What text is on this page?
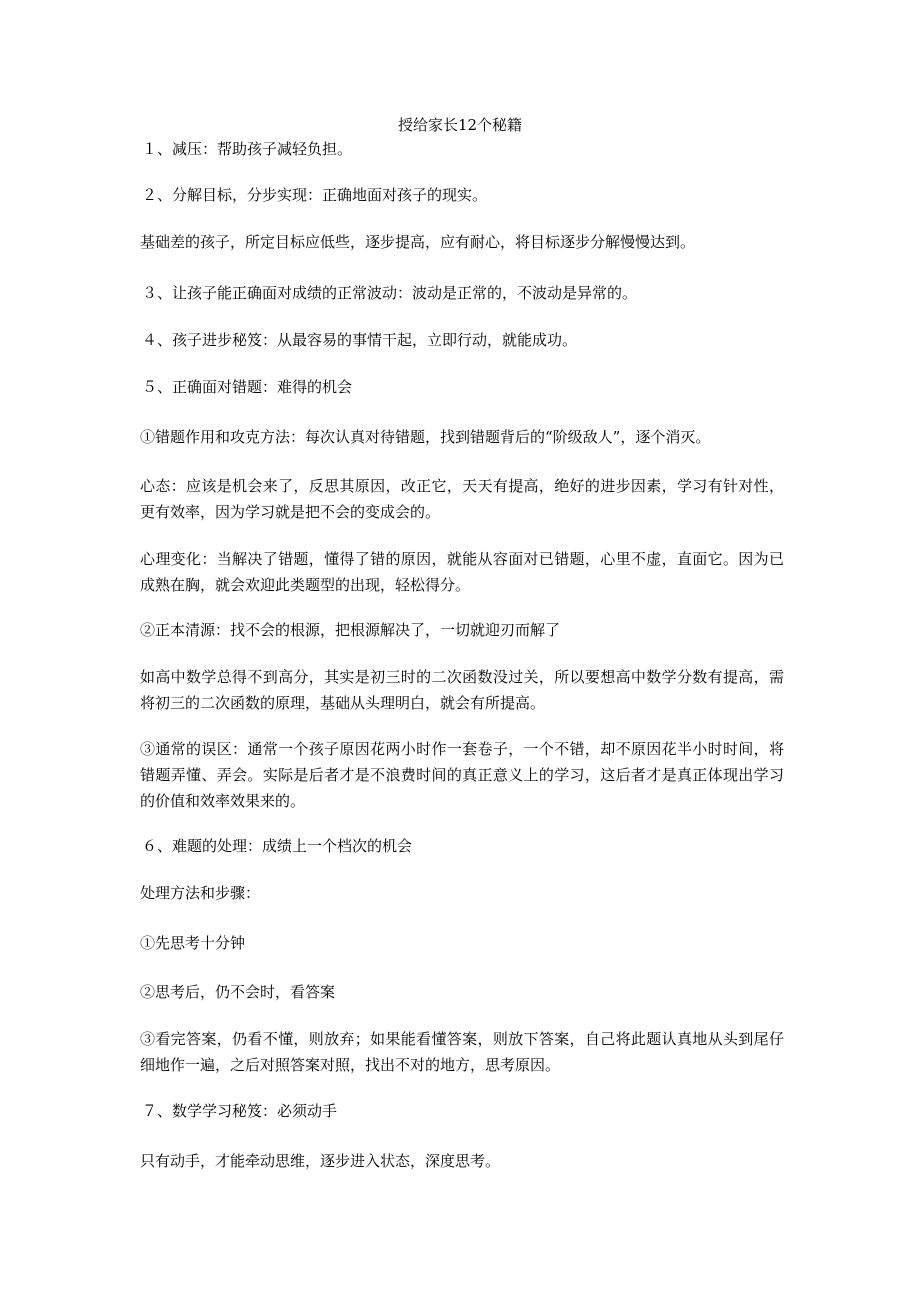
授给家长12个秘籍
１、减压：帮助孩子减轻负担。
２、分解目标，分步实现：正确地面对孩子的现实。
基础差的孩子，所定目标应低些，逐步提高，应有耐心，将目标逐步分解慢慢达到。
３、让孩子能正确面对成绩的正常波动：波动是正常的，不波动是异常的。
４、孩子进步秘笈：从最容易的事情干起，立即行动，就能成功。
５、正确面对错题：难得的机会
①错题作用和攻克方法：每次认真对待错题，找到错题背后的“阶级敌人”，逐个消灭。
心态：应该是机会来了，反思其原因，改正它，天天有提高，绝好的进步因素，学习有针对性，更有效率，因为学习就是把不会的变成会的。
心理变化：当解决了错题，懂得了错的原因，就能从容面对已错题，心里不虚，直面它。因为已成熟在胸，就会欢迎此类题型的出现，轻松得分。
②正本清源：找不会的根源，把根源解决了，一切就迎刃而解了
如高中数学总得不到高分，其实是初三时的二次函数没过关，所以要想高中数学分数有提高，需将初三的二次函数的原理，基础从头理明白，就会有所提高。
③通常的误区：通常一个孩子原因花两小时作一套卷子，一个不错，却不原因花半小时时间，将错题弄懂、弄会。实际是后者才是不浪费时间的真正意义上的学习，这后者才是真正体现出学习的价值和效率效果来的。
６、难题的处理：成绩上一个档次的机会
处理方法和步骤：
①先思考十分钟
②思考后，仍不会时，看答案
③看完答案，仍看不懂，则放弃；如果能看懂答案，则放下答案，自己将此题认真地从头到尾仔细地作一遍，之后对照答案对照，找出不对的地方，思考原因。
７、数学学习秘笈：必须动手
只有动手，才能牵动思维，逐步进入状态，深度思考。
